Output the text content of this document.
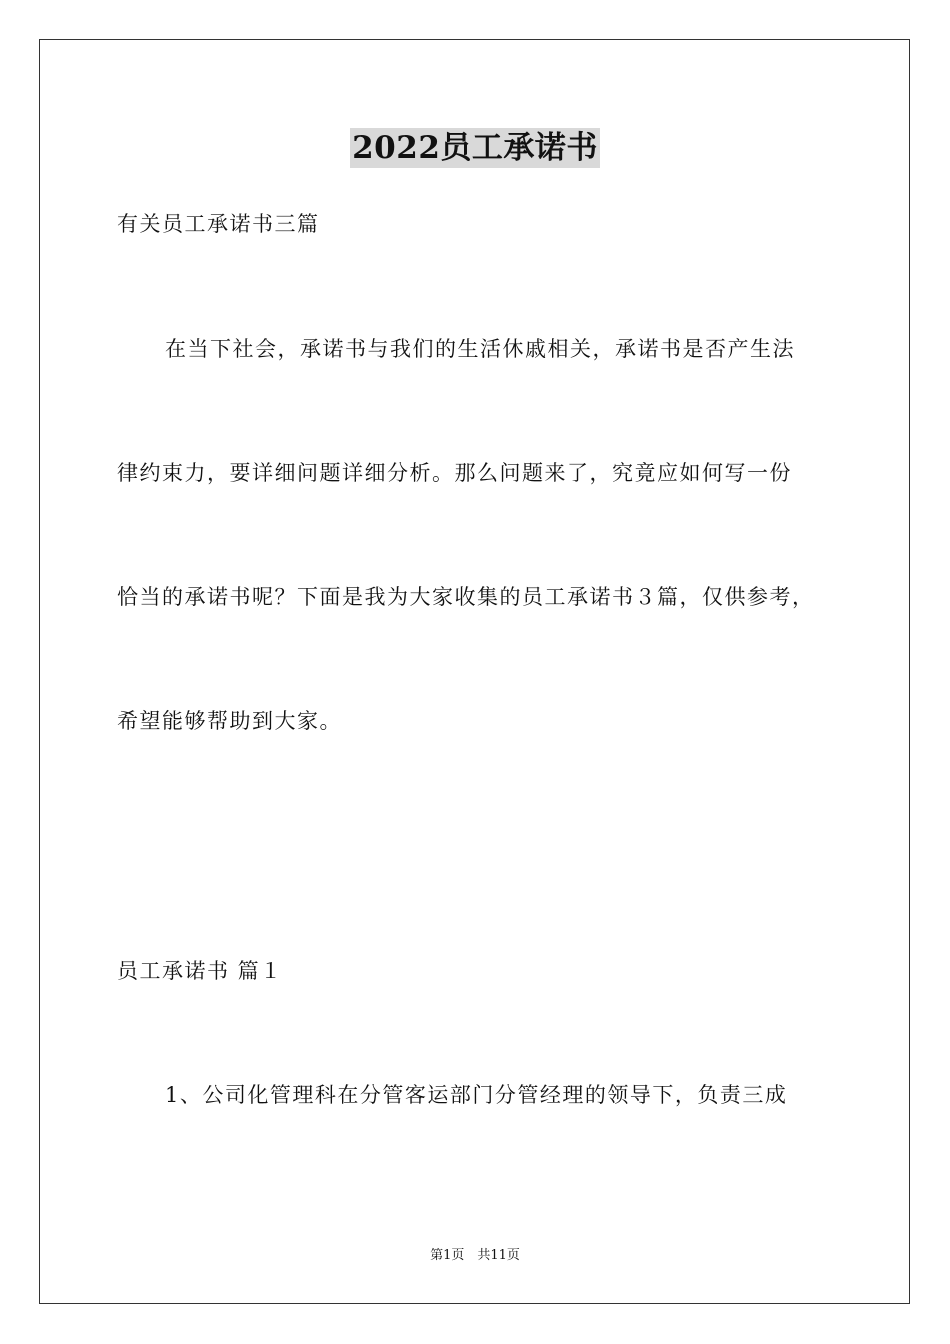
2022员工承诺书
有关员工承诺书三篇
在当下社会，承诺书与我们的生活休戚相关，承诺书是否产生法
律约束力，要详细问题详细分析。那么问题来了，究竟应如何写一份
恰当的承诺书呢？下面是我为大家收集的员工承诺书３篇，仅供参考，
希望能够帮助到大家。
员工承诺书 篇１
1、公司化管理科在分管客运部门分管经理的领导下，负责三成
第1页　共11页
